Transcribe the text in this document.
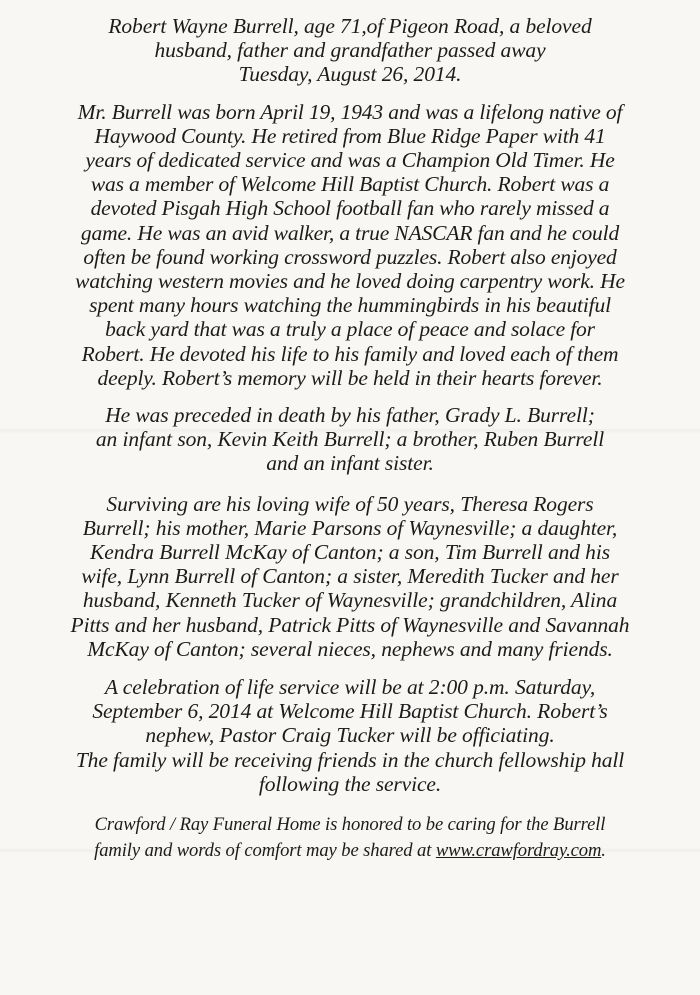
Robert Wayne Burrell, age 71,of Pigeon Road, a beloved
husband, father and grandfather passed away
Tuesday, August 26, 2014.

Mr. Burrell was born April 19, 1943 and was a lifelong native of
Haywood County. He retired from Blue Ridge Paper with 41
years of dedicated service and was a Champion Old Timer. He
was a member of Welcome Hill Baptist Church. Robert was a
devoted Pisgah High School football fan who rarely missed a
game. He was an avid walker, a true NASCAR fan and he could
often be found working crossword puzzles. Robert also enjoyed
watching western movies and he loved doing carpentry work. He
spent many hours watching the hummingbirds in his beautiful
back yard that was a truly a place of peace and solace for
Robert. He devoted his life to his family and loved each of them
deeply. Robert’s memory will be held in their hearts forever.

He was preceded in death by his father, Grady L. Burrell;
an infant son, Kevin Keith Burrell; a brother, Ruben Burrell
and an infant sister.

Surviving are his loving wife of 50 years, Theresa Rogers
Burrell; his mother, Marie Parsons of Waynesville; a daughter,
Kendra Burrell McKay of Canton; a son, Tim Burrell and his
wife, Lynn Burrell of Canton; a sister, Meredith Tucker and her
husband, Kenneth Tucker of Waynesville; grandchildren, Alina
Pitts and her husband, Patrick Pitts of Waynesville and Savannah
McKay of Canton; several nieces, nephews and many friends.

A celebration of life service will be at 2:00 p.m. Saturday,
September 6, 2014 at Welcome Hill Baptist Church. Robert’s
nephew, Pastor Craig Tucker will be officiating.
The family will be receiving friends in the church fellowship hall
following the service.

Crawford / Ray Funeral Home is honored to be caring for the Burrell
family and words of comfort may be shared at www.crawfordray.com.
